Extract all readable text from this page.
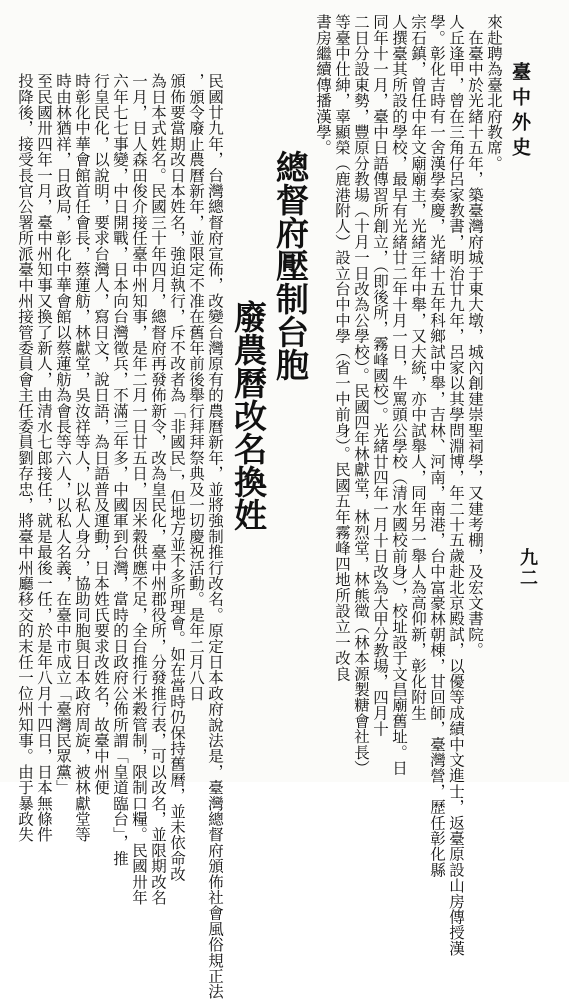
臺中外史
九二
來赴聘為臺北府教席。
　在臺中於光緒十五年，築臺灣府城于東大墩，城內創建崇聖祠學，又建考棚，及宏文書院。
人丘逢甲，曾在三角仔呂家教書，明治廿九年，呂家以其學問淵博，年二十五歲赴北京殿試，以優等成績中文進士，返臺原設山房傳授漢
學。彰化吉時有一舍漢學奏慶，光緒十五年科鄉試中舉，吉林、河南，南港，台中富豪林朝棟，甘回師，臺灣營，歷任彰化縣
宗石鎮，曾任中年文廟廟主，光緒三年中舉，又大統，亦中試舉人，同年另一舉人為高仰新，彰化附生
人撰臺其所設的學校，最早有光緒廿二年十月一日，牛罵頭公學校（清水國校前身），校址設于文昌廟舊址。日
同年十一月，臺中日語傳習所創立，（即後所，霧峰國校）。光緒廿四年一月十日改為大甲分教場，四月十
二日分設東勢，豐原分教場（十月一日改為公學校）。民國四年林獻堂，林烈堂，林熊徵（林本源製糖會社長）
等臺中仕紳，辜顯榮（鹿港附人）設立台中中學（省一中前身）。民國五年霧峰四地所設立一改良
書房繼續傳播漢學。
總督府壓制台胞
廢農曆改名換姓
民國廿九年，台灣總督府宣佈，改變台灣原有的農曆新年，並將強制推行改名。原定日本政府說法是，臺灣總督府頒佈社會風俗規正法
，頒令廢止農曆新年，並限定不准在舊年前後舉行拜拜祭典及一切慶祝活動。是年二月八日
頒佈要當期改日本姓名，強迫執行，斥不改者為「非國民」，但地方並不多所理會。如在當時仍保持舊曆，並未依命改
為日本式姓名。民國三十年四月，總督府再發佈新令，改為皇民化，臺中州郡役所，分發推行表，可以改名，並限期改名
一月，日人森田俊介接任臺中州知事，是年二月一日廿五日，因米穀供應不足，全台推行米穀管制，限制口糧。民國卅年
六年七七事變，中日開戰，日本向台灣徵兵，不滿三年多，中國軍到台灣，當時的日政府公佈所謂「皇道臨台」，推
行皇民化，以說明，要求台灣人，寫日文，說日語，為日語普及運動，日本姓氏要求改姓名，故臺中州便
時彰化中華會館首任會長，蔡蓮舫，林獻堂，吳汝祥等人，以私人身分，協助同胞與日本政府周旋，被林獻堂等
時由林猶祥，日政局，彰化中華會館以蔡蓮舫為會長等六人，以私人名義，在臺中市成立「臺灣民眾黨」
至民國卅四年一月，臺中州知事又換了新人，由清水七郎接任，就是最後一任，於是年八月十四日，日本無條件
投降後，接受長官公署所派臺中州接管委員會主任委員劉存忠，將臺中州廳移交的末任一位州知事。由于暴政失
